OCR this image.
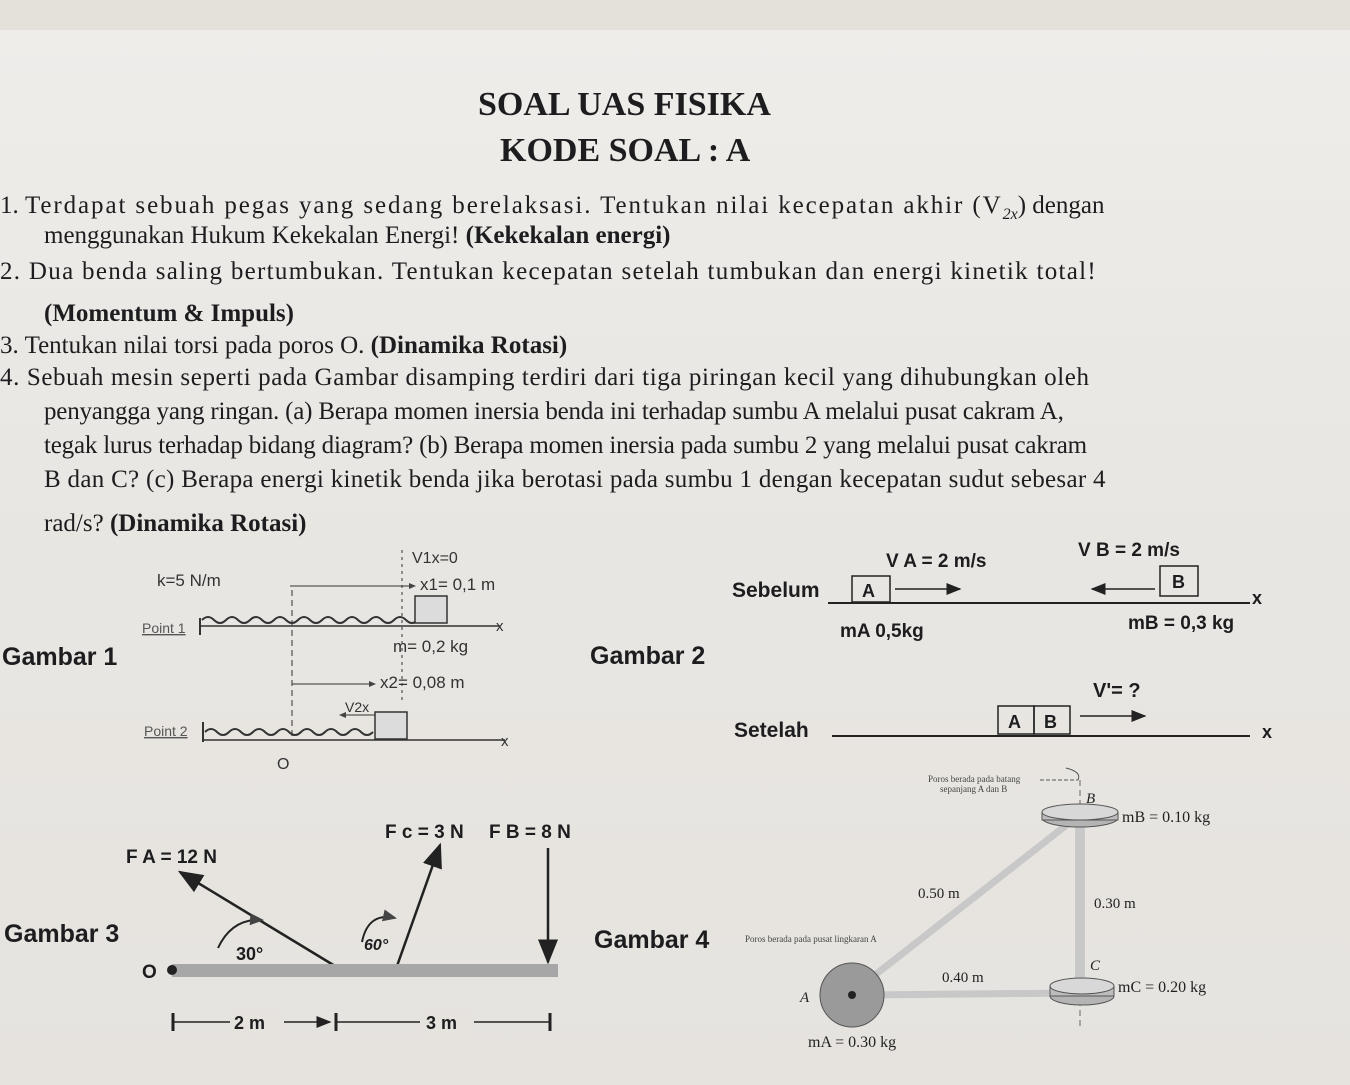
SOAL UAS FISIKA
KODE SOAL : A
1. Terdapat sebuah pegas yang sedang berelaksasi. Tentukan nilai kecepatan akhir $(V_{2x})$ dengan
menggunakan Hukum Kekekalan Energi! (Kekekalan energi)
2. Dua benda saling bertumbukan. Tentukan kecepatan setelah tumbukan dan energi kinetik total!
(Momentum & Impuls)
3. Tentukan nilai torsi pada poros O. (Dinamika Rotasi)
4. Sebuah mesin seperti pada Gambar disamping terdiri dari tiga piringan kecil yang dihubungkan oleh
penyangga yang ringan. (a) Berapa momen inersia benda ini terhadap sumbu A melalui pusat cakram A,
tegak lurus terhadap bidang diagram? (b) Berapa momen inersia pada sumbu 2 yang melalui pusat cakram
B dan C? (c) Berapa energi kinetik benda jika berotasi pada sumbu 1 dengan kecepatan sudut sebesar 4
rad/s? (Dinamika Rotasi)
Gambar 1	Gambar 2
Gambar 3	Gambar 4
k=5 N/m
V1x=0
x1= 0,1 m
Point 1	x
m= 0,2 kg
x2= 0,08 m
V2x
Point 2
x
O
V A = 2 m/s
V B = 2 m/s
Sebelum A	B
x
mA 0,5kg	mB = 0,3 kg
V'= ?
A B
Setelah	x
F A = 12 N
F c = 3 N F B = 8 N
30°	60°
O
2 m	3 m
Poros berada pada batang
sepanjang A dan B
B
mB = 0.10 kg
0.50 m
0.30 m
Poros berada pada pusat lingkaran A
C
0.40 m
mC = 0.20 kg
A
mA = 0.30 kg
